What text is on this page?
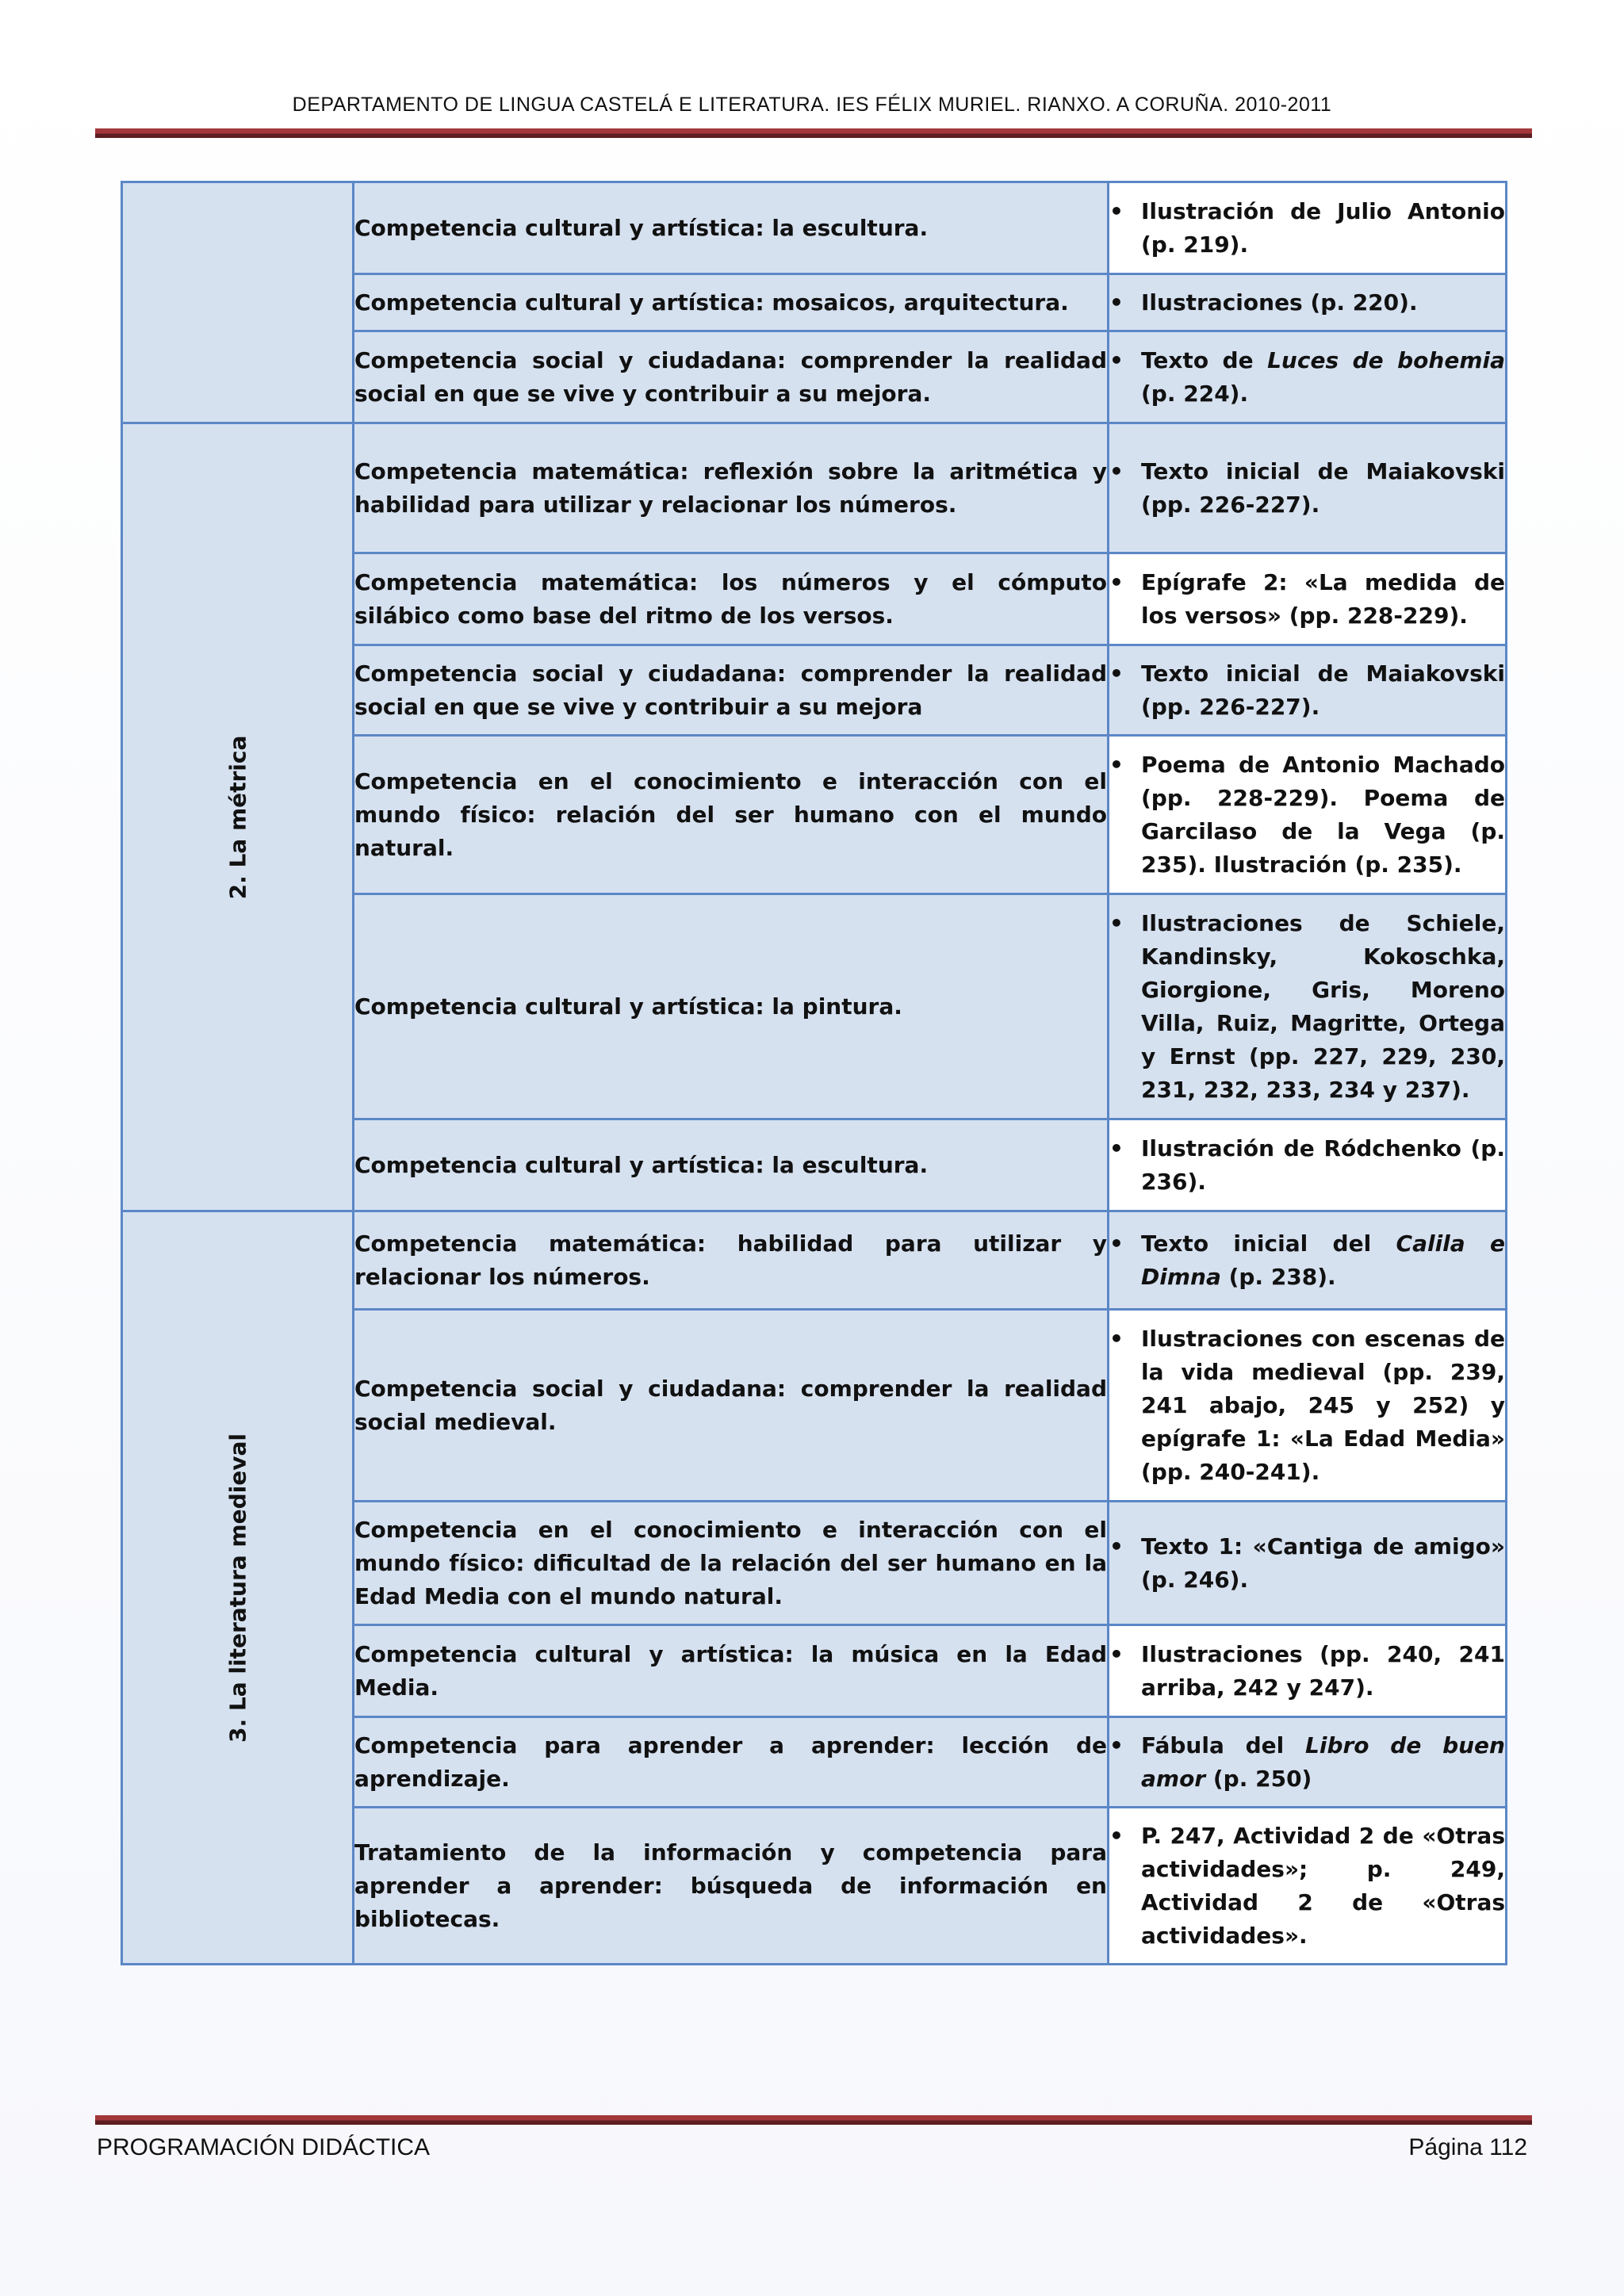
DEPARTAMENTO DE LINGUA CASTELÁ E LITERATURA. IES FÉLIX MURIEL. RIANXO. A CORUÑA. 2010-2011
	Competencia cultural y artística: la escultura.	• Ilustración de Julio Antonio (p. 219).

	Competencia cultural y artística: mosaicos, arquitectura.	• Ilustraciones (p. 220).

	Competencia social y ciudadana: comprender la realidad social en que se vive y contribuir a su mejora.	• Texto de Luces de bohemia (p. 224).

2. La métrica	Competencia matemática: reflexión sobre la aritmética y habilidad para utilizar y relacionar los números.	• Texto inicial de Maiakovski (pp. 226-227).

	Competencia matemática: los números y el cómputo silábico como base del ritmo de los versos.	• Epígrafe 2: «La medida de los versos» (pp. 228-229).

	Competencia social y ciudadana: comprender la realidad social en que se vive y contribuir a su mejora	• Texto inicial de Maiakovski (pp. 226-227).

	Competencia en el conocimiento e interacción con el mundo físico: relación del ser humano con el mundo natural.	• Poema de Antonio Machado (pp. 228-229). Poema de Garcilaso de la Vega (p. 235). Ilustración (p. 235).

	Competencia cultural y artística: la pintura.	• Ilustraciones de Schiele, Kandinsky, Kokoschka, Giorgione, Gris, Moreno Villa, Ruiz, Magritte, Ortega y Ernst (pp. 227, 229, 230, 231, 232, 233, 234 y 237).

	Competencia cultural y artística: la escultura.	• Ilustración de Ródchenko (p. 236).

3. La literatura medieval	Competencia matemática: habilidad para utilizar y relacionar los números.	• Texto inicial del Calila e Dimna (p. 238).

	Competencia social y ciudadana: comprender la realidad social medieval.	• Ilustraciones con escenas de la vida medieval (pp. 239, 241 abajo, 245 y 252) y epígrafe 1: «La Edad Media» (pp. 240-241).

	Competencia en el conocimiento e interacción con el mundo físico: dificultad de la relación del ser humano en la Edad Media con el mundo natural.	• Texto 1: «Cantiga de amigo» (p. 246).

	Competencia cultural y artística: la música en la Edad Media.	• Ilustraciones (pp. 240, 241 arriba, 242 y 247).

	Competencia para aprender a aprender: lección de aprendizaje.	• Fábula del Libro de buen amor (p. 250)

	Tratamiento de la información y competencia para aprender a aprender: búsqueda de información en bibliotecas.	• P. 247, Actividad 2 de «Otras actividades»; p. 249, Actividad 2 de «Otras actividades».
PROGRAMACIÓN DIDÁCTICA	Página 112
